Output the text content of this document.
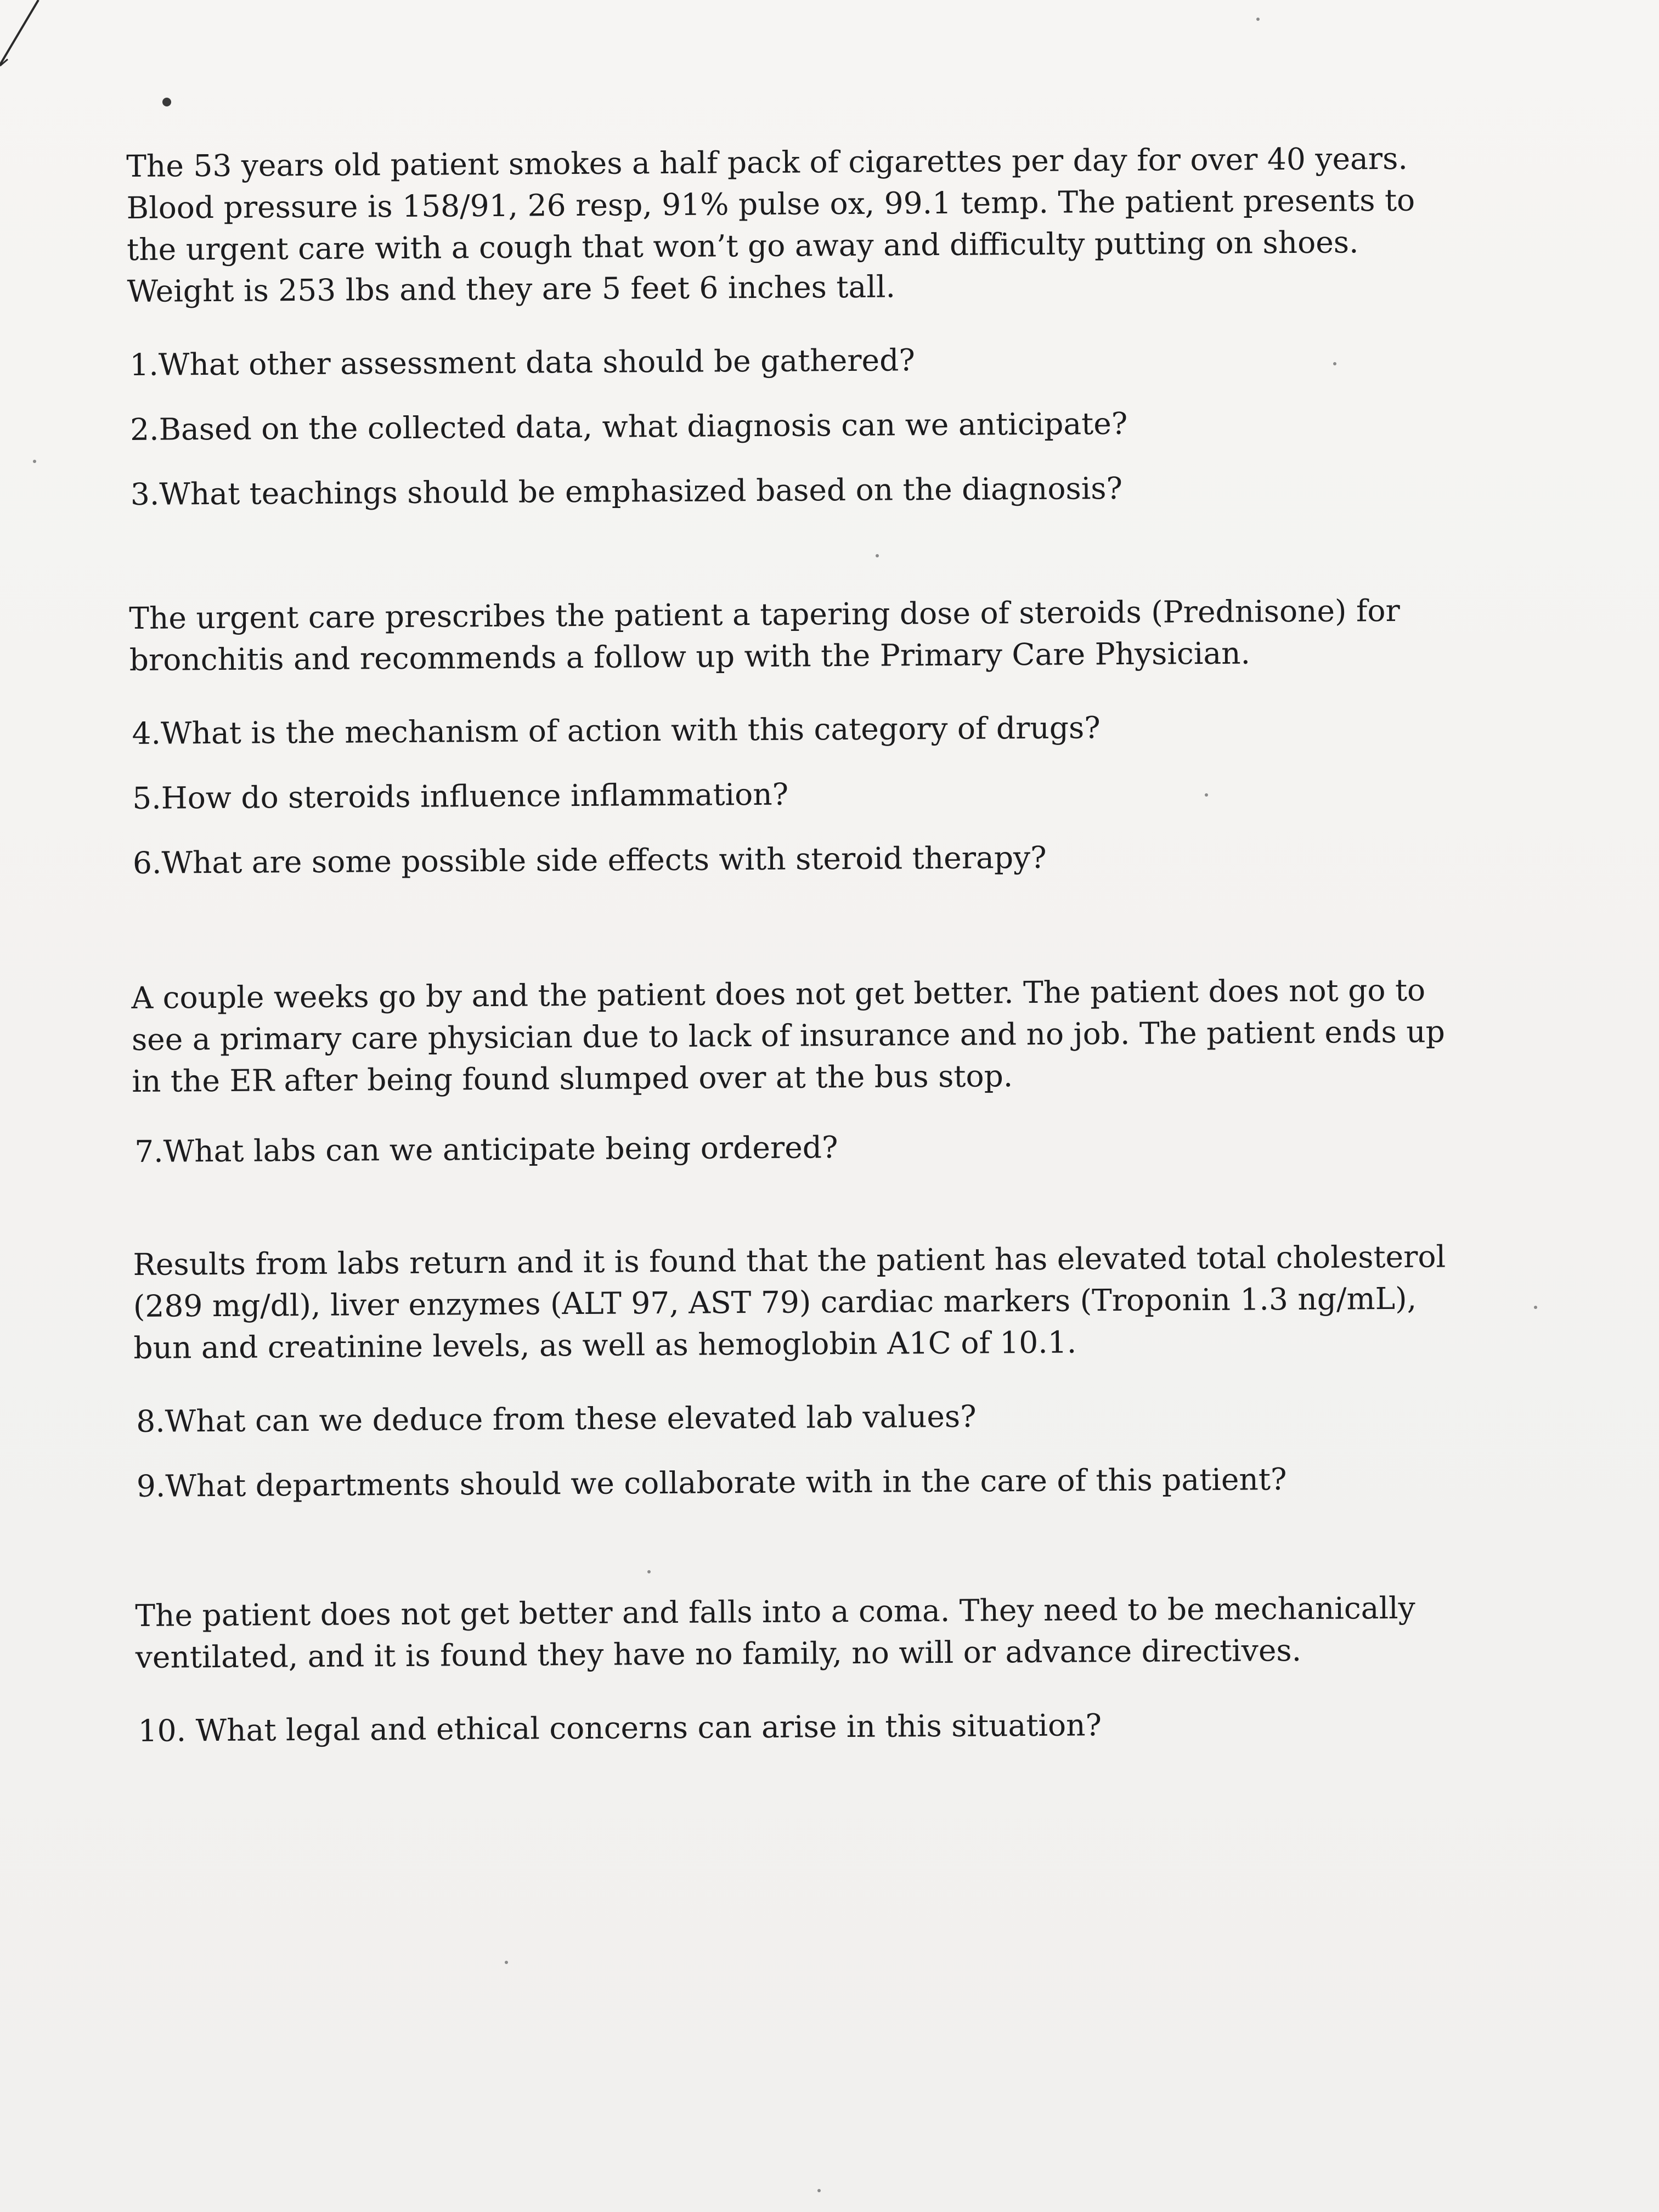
The 53 years old patient smokes a half pack of cigarettes per day for over 40 years. Blood pressure is 158/91, 26 resp, 91% pulse ox, 99.1 temp. The patient presents to the urgent care with a cough that won’t go away and difficulty putting on shoes. Weight is 253 lbs and they are 5 feet 6 inches tall.

1.What other assessment data should be gathered?

2.Based on the collected data, what diagnosis can we anticipate?

3.What teachings should be emphasized based on the diagnosis?

The urgent care prescribes the patient a tapering dose of steroids (Prednisone) for bronchitis and recommends a follow up with the Primary Care Physician.

4.What is the mechanism of action with this category of drugs?

5.How do steroids influence inflammation?

6.What are some possible side effects with steroid therapy?

A couple weeks go by and the patient does not get better. The patient does not go to see a primary care physician due to lack of insurance and no job. The patient ends up in the ER after being found slumped over at the bus stop.

7.What labs can we anticipate being ordered?

Results from labs return and it is found that the patient has elevated total cholesterol (289 mg/dl), liver enzymes (ALT 97, AST 79) cardiac markers (Troponin 1.3 ng/mL), bun and creatinine levels, as well as hemoglobin A1C of 10.1.

8.What can we deduce from these elevated lab values?

9.What departments should we collaborate with in the care of this patient?

The patient does not get better and falls into a coma. They need to be mechanically ventilated, and it is found they have no family, no will or advance directives.

10. What legal and ethical concerns can arise in this situation?
